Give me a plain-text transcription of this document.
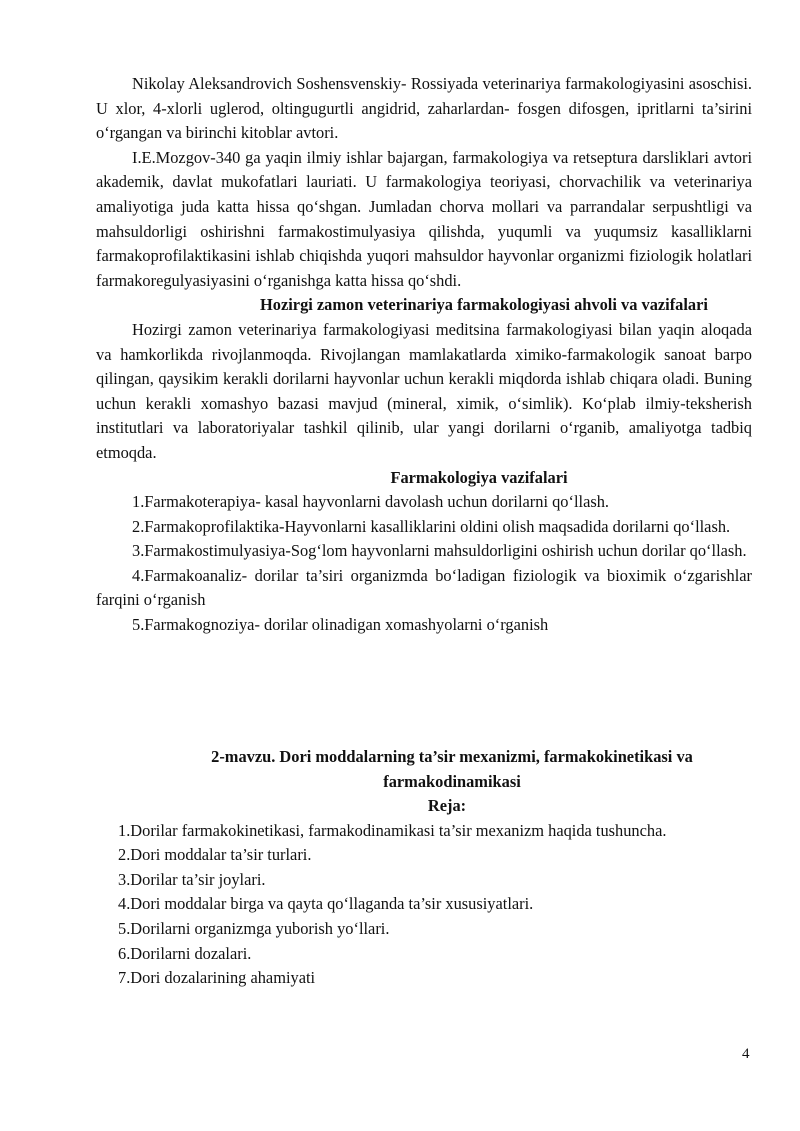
Nikolay Aleksandrovich Soshensvenskiy- Rossiyada veterinariya farmakologiyasini asoschisi. U xlor, 4-xlorli uglerod, oltingugurtli angidrid, zaharlardan- fosgen difosgen, ipritlarni ta’sirini o‘rgangan va birinchi kitoblar avtori.

I.E.Mozgov-340 ga yaqin ilmiy ishlar bajargan, farmakologiya va retseptura darsliklari avtori akademik, davlat mukofatlari lauriati. U farmakologiya teoriyasi, chorvachilik va veterinariya amaliyotiga juda katta hissa qo‘shgan. Jumladan chorva mollari va parrandalar serpushtligi va mahsuldorligi oshirishni farmakostimulyasiya qilishda, yuqumli va yuqumsiz kasalliklarni farmakoprofilaktikasini ishlab chiqishda yuqori mahsuldor hayvonlar organizmi fiziologik holatlari farmakoregulyasiyasini o‘rganishga katta hissa qo‘shdi.

Hozirgi zamon veterinariya farmakologiyasi ahvoli va vazifalari

Hozirgi zamon veterinariya farmakologiyasi meditsina farmakologiyasi bilan yaqin aloqada va hamkorlikda rivojlanmoqda. Rivojlangan mamlakatlarda ximiko-farmakologik sanoat barpo qilingan, qaysikim kerakli dorilarni hayvonlar uchun kerakli miqdorda ishlab chiqara oladi. Buning uchun kerakli xomashyo bazasi mavjud (mineral, ximik, o‘simlik). Ko‘plab ilmiy-teksherish institutlari va laboratoriyalar tashkil qilinib, ular yangi dorilarni o‘rganib, amaliyotga tadbiq etmoqda.

Farmakologiya vazifalari

1.Farmakoterapiya- kasal hayvonlarni davolash uchun dorilarni qo‘llash.

2.Farmakoprofilaktika-Hayvonlarni kasalliklarini oldini olish maqsadida dorilarni qo‘llash.

3.Farmakostimulyasiya-Sog‘lom hayvonlarni mahsuldorligini oshirish uchun dorilar qo‘llash.

4.Farmakoanaliz- dorilar ta’siri organizmda bo‘ladigan fiziologik va bioximik o‘zgarishlar farqini o‘rganish

5.Farmakognoziya- dorilar olinadigan xomashyolarni o‘rganish

2-mavzu. Dori moddalarning ta’sir mexanizmi, farmakokinetikasi va

farmakodinamikasi

Reja:

1.Dorilar farmakokinetikasi, farmakodinamikasi ta’sir mexanizm haqida tushuncha.

2.Dori moddalar ta’sir turlari.

3.Dorilar ta’sir joylari.

4.Dori moddalar birga va qayta qo‘llaganda ta’sir xususiyatlari.

5.Dorilarni organizmga yuborish yo‘llari.

6.Dorilarni dozalari.

7.Dori dozalarining ahamiyati

4
